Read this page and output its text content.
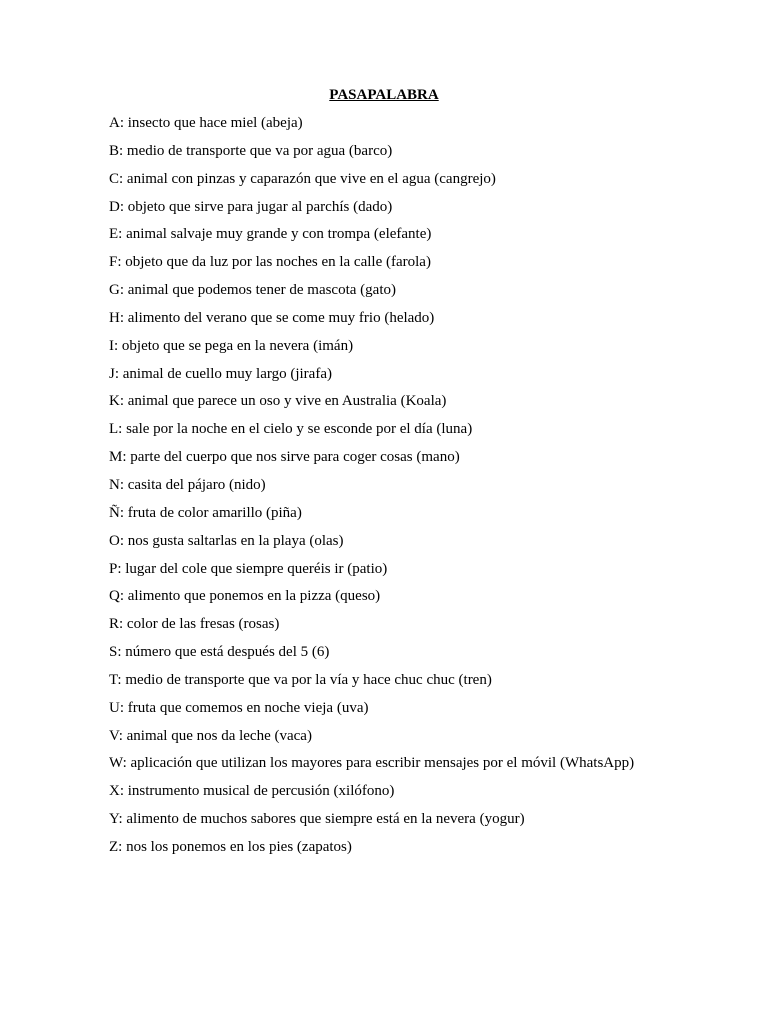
PASAPALABRA
A: insecto que hace miel (abeja)
B: medio de transporte que va por agua (barco)
C: animal con pinzas y caparazón que vive en el agua (cangrejo)
D: objeto que sirve para jugar al parchís (dado)
E: animal salvaje muy grande y con trompa (elefante)
F: objeto que da luz por las noches en la calle (farola)
G: animal que podemos tener de mascota (gato)
H: alimento del verano que se come muy frio (helado)
I: objeto que se pega en la nevera (imán)
J: animal de cuello muy largo (jirafa)
K: animal que parece un oso y vive en Australia (Koala)
L: sale por la noche en el cielo y se esconde por el día (luna)
M: parte del cuerpo que nos sirve para coger cosas (mano)
N: casita del pájaro (nido)
Ñ: fruta de color amarillo (piña)
O: nos gusta saltarlas en la playa (olas)
P: lugar del cole que siempre queréis ir (patio)
Q: alimento que ponemos en la pizza (queso)
R: color de las fresas (rosas)
S: número que está después del 5 (6)
T: medio de transporte que va por la vía y hace chuc chuc (tren)
U: fruta que comemos en noche vieja (uva)
V: animal que nos da leche (vaca)
W: aplicación que utilizan los mayores para escribir mensajes por el móvil (WhatsApp)
X: instrumento musical de percusión (xilófono)
Y: alimento de muchos sabores que siempre está en la nevera (yogur)
Z: nos los ponemos en los pies (zapatos)
